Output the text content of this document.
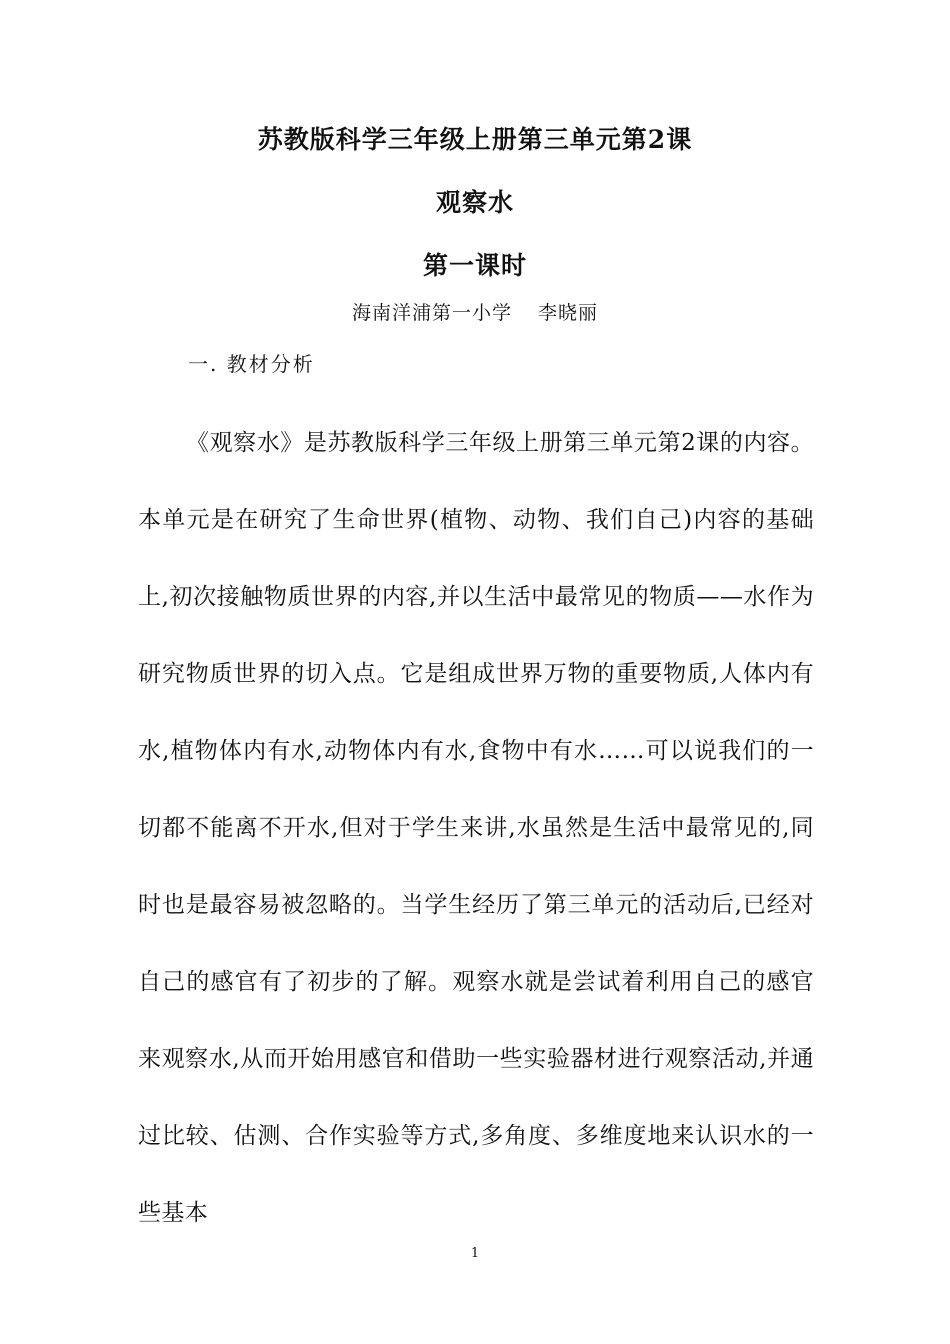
苏教版科学三年级上册第三单元第2课
观察水
第一课时
海南洋浦第一小学 李晓丽
一. 教材分析

《观察水》是苏教版科学三年级上册第三单元第2课的内容。本单元是在研究了生命世界(植物、动物、我们自己)内容的基础上,初次接触物质世界的内容,并以生活中最常见的物质——水作为研究物质世界的切入点。它是组成世界万物的重要物质,人体内有水,植物体内有水,动物体内有水,食物中有水……可以说我们的一切都不能离不开水,但对于学生来讲,水虽然是生活中最常见的,同时也是最容易被忽略的。当学生经历了第三单元的活动后,已经对自己的感官有了初步的了解。观察水就是尝试着利用自己的感官来观察水,从而开始用感官和借助一些实验器材进行观察活动,并通过比较、估测、合作实验等方式,多角度、多维度地来认识水的一些基本

1
